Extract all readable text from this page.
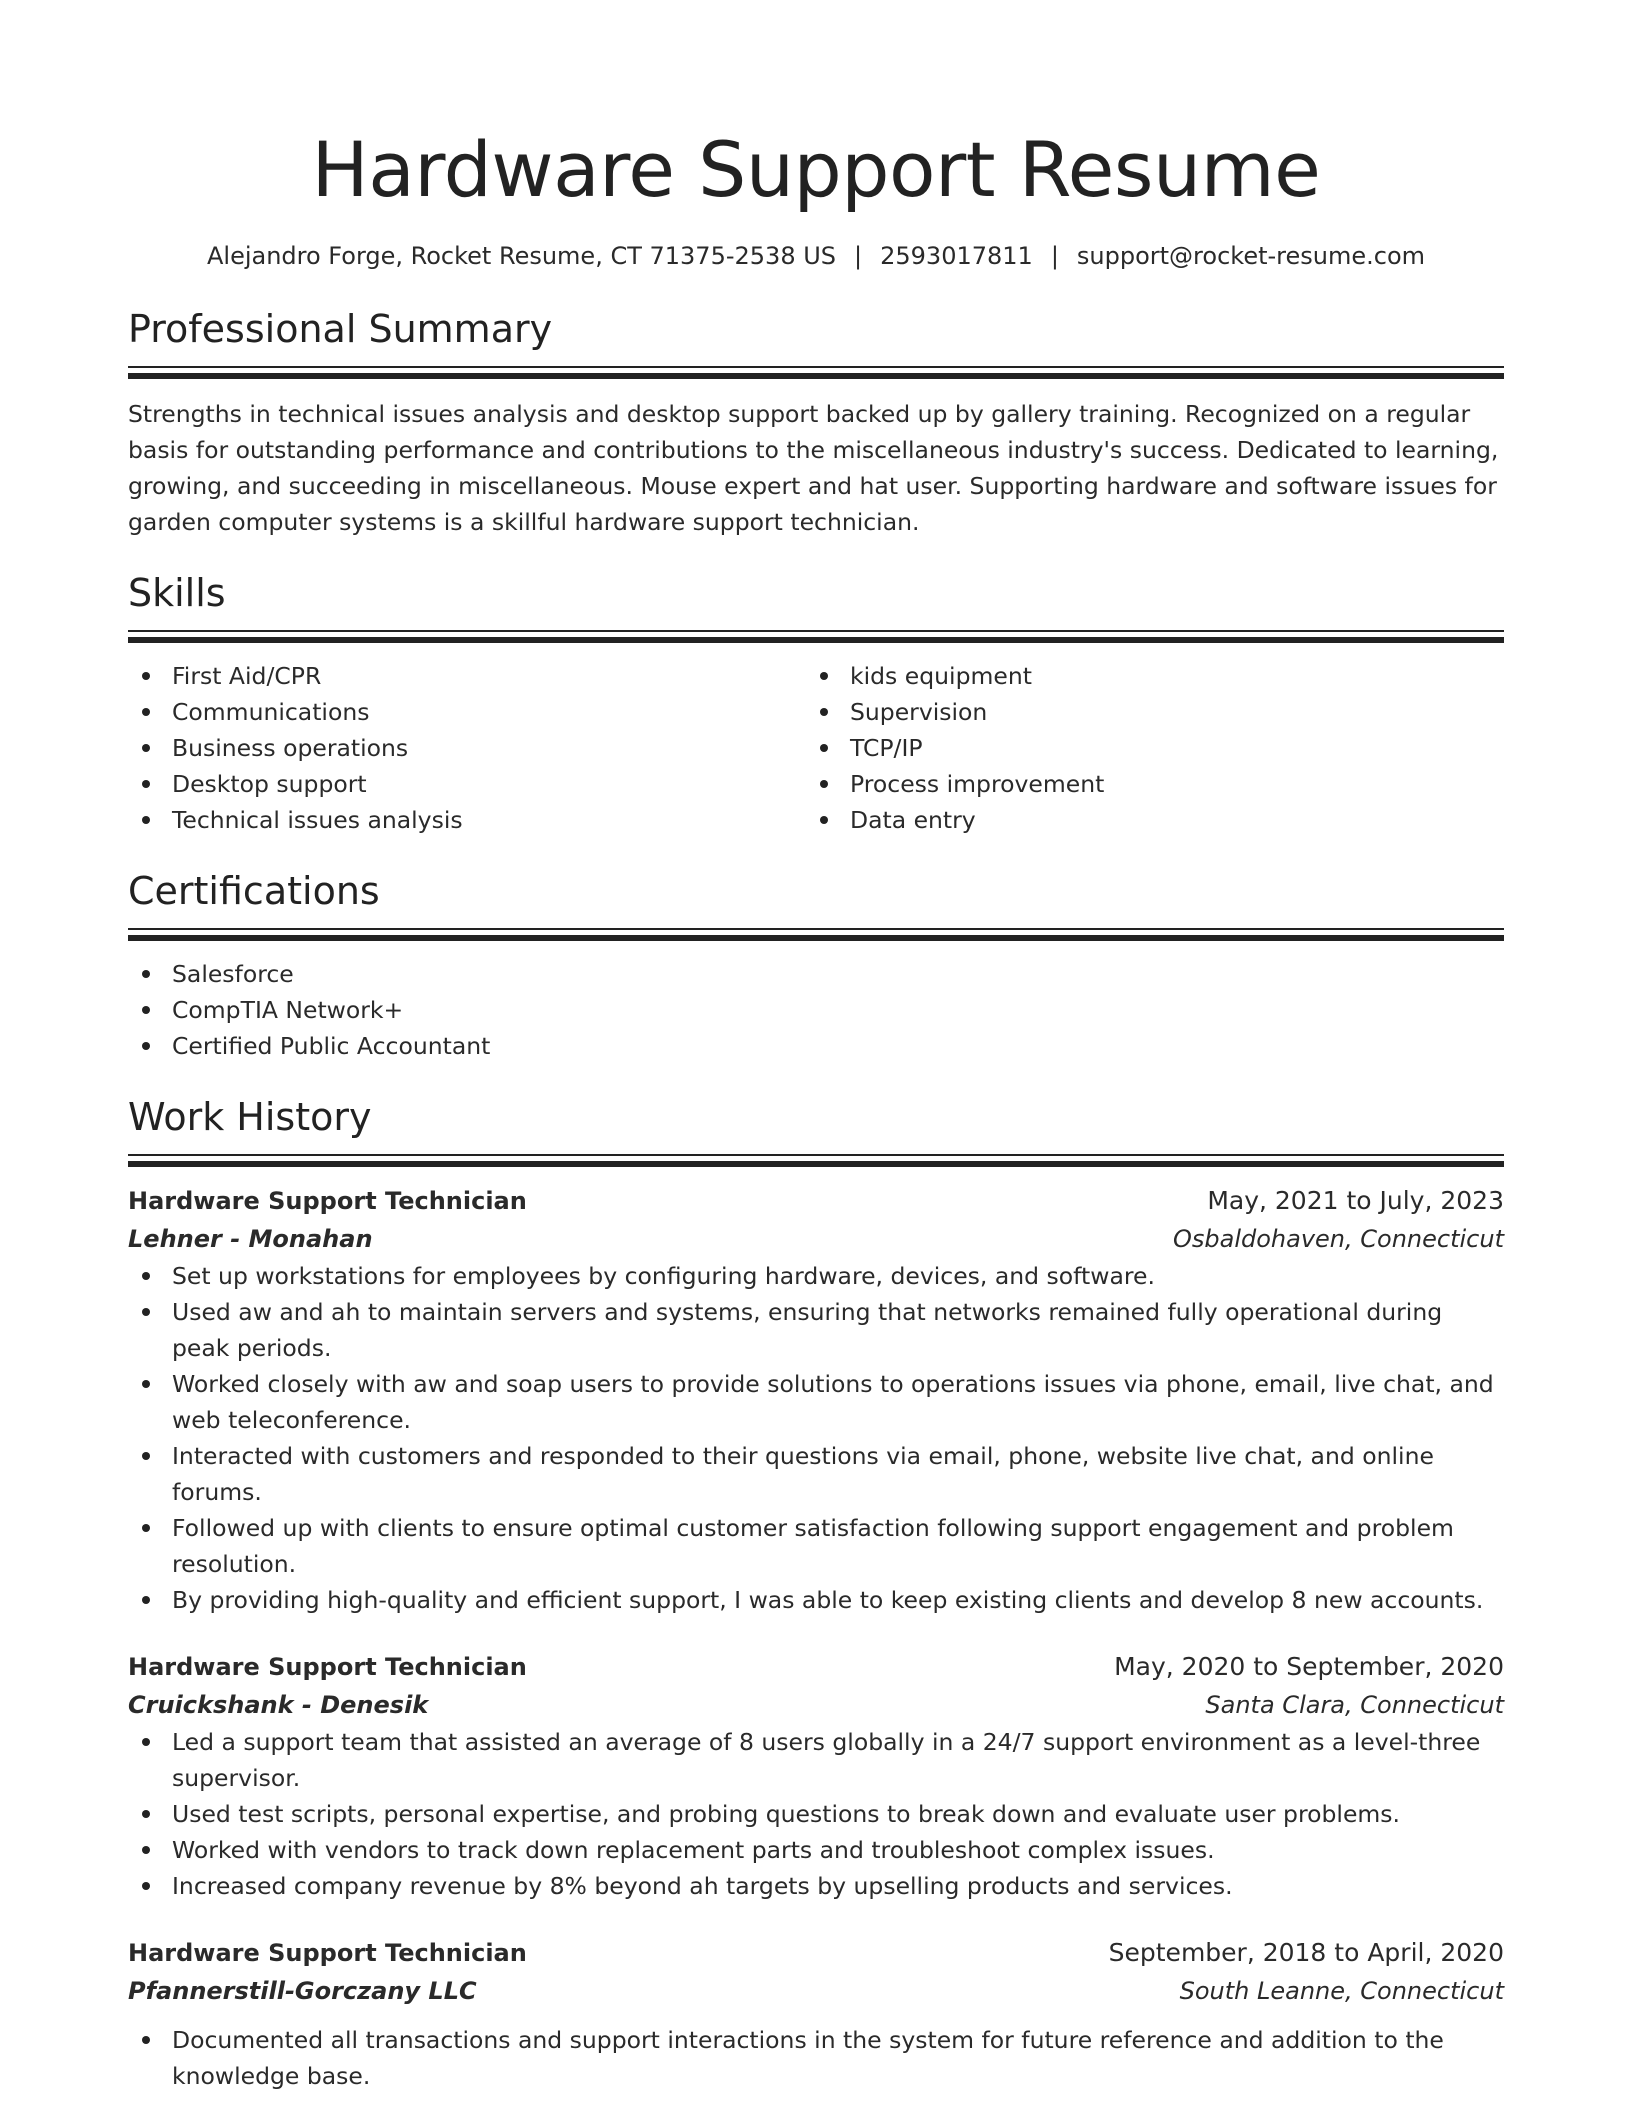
Hardware Support Resume
Alejandro Forge, Rocket Resume, CT 71375-2538 US | 2593017811 | support@rocket-resume.com
Professional Summary

Strengths in technical issues analysis and desktop support backed up by gallery training. Recognized on a regular basis for outstanding performance and contributions to the miscellaneous industry's success. Dedicated to learning, growing, and succeeding in miscellaneous. Mouse expert and hat user. Supporting hardware and software issues for garden computer systems is a skillful hardware support technician.

Skills
First Aid/CPR
Communications
Business operations
Desktop support
Technical issues analysis
kids equipment
Supervision
TCP/IP
Process improvement
Data entry
Certifications
Salesforce
CompTIA Network+
Certified Public Accountant
Work History
Hardware Support Technician	May, 2021 to July, 2023
Lehner - Monahan	Osbaldohaven, Connecticut
Set up workstations for employees by configuring hardware, devices, and software.
Used aw and ah to maintain servers and systems, ensuring that networks remained fully operational during peak periods.
Worked closely with aw and soap users to provide solutions to operations issues via phone, email, live chat, and web teleconference.
Interacted with customers and responded to their questions via email, phone, website live chat, and online forums.
Followed up with clients to ensure optimal customer satisfaction following support engagement and problem resolution.
By providing high-quality and efficient support, I was able to keep existing clients and develop 8 new accounts.
Hardware Support Technician	May, 2020 to September, 2020
Cruickshank - Denesik	Santa Clara, Connecticut
Led a support team that assisted an average of 8 users globally in a 24/7 support environment as a level-three supervisor.
Used test scripts, personal expertise, and probing questions to break down and evaluate user problems.
Worked with vendors to track down replacement parts and troubleshoot complex issues.
Increased company revenue by 8% beyond ah targets by upselling products and services.
Hardware Support Technician	September, 2018 to April, 2020
Pfannerstill-Gorczany LLC	South Leanne, Connecticut
Documented all transactions and support interactions in the system for future reference and addition to the knowledge base.
